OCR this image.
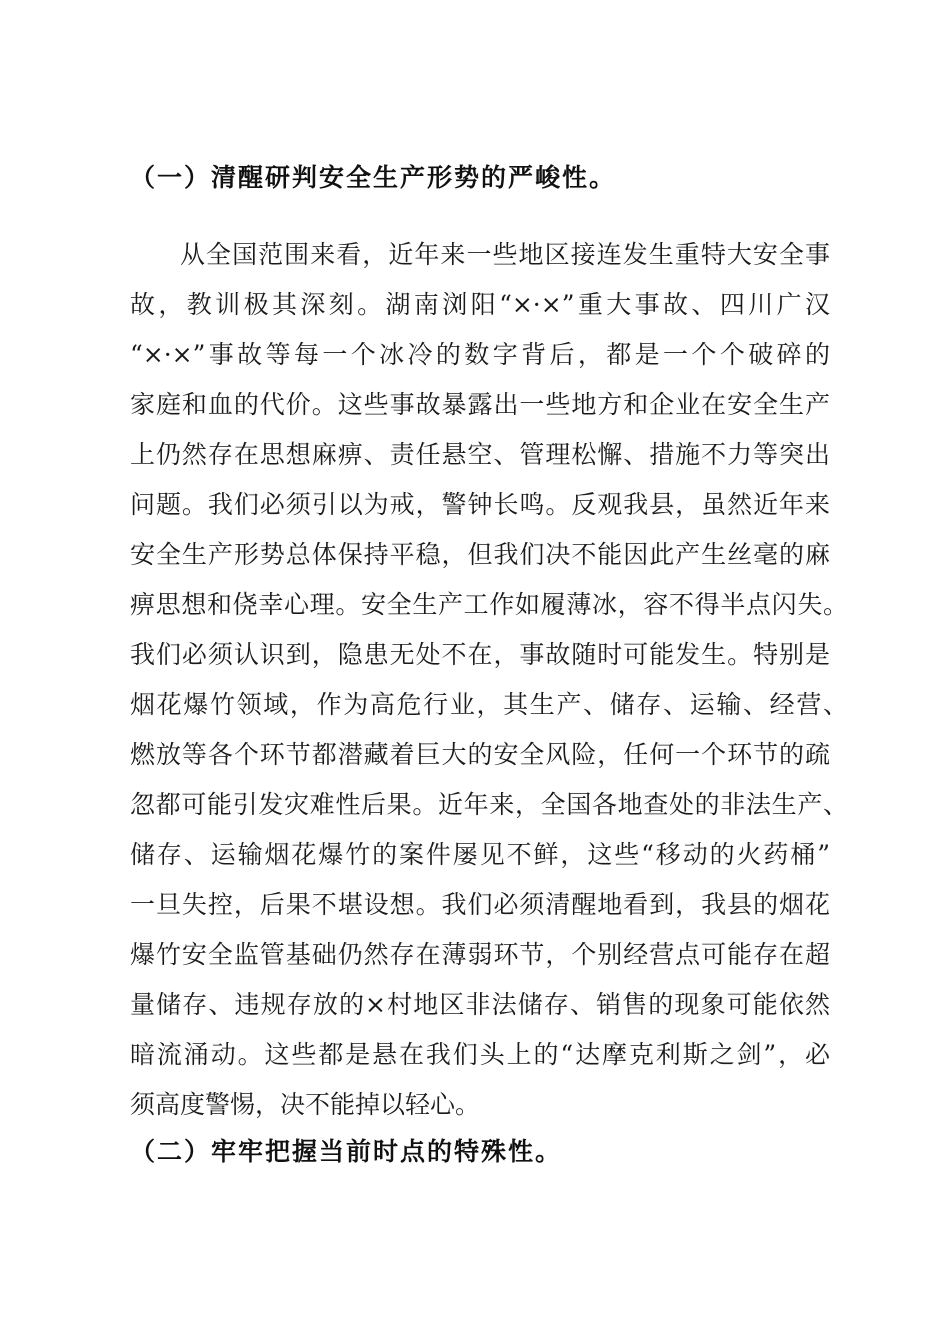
（一）清醒研判安全生产形势的严峻性。
从全国范围来看，近年来一些地区接连发生重特大安全事
故，教训极其深刻。湖南浏阳“×·×”重大事故、四川广汉
“×·×”事故等每一个冰冷的数字背后，都是一个个破碎的
家庭和血的代价。这些事故暴露出一些地方和企业在安全生产
上仍然存在思想麻痹、责任悬空、管理松懈、措施不力等突出
问题。我们必须引以为戒，警钟长鸣。反观我县，虽然近年来
安全生产形势总体保持平稳，但我们决不能因此产生丝毫的麻
痹思想和侥幸心理。安全生产工作如履薄冰，容不得半点闪失。
我们必须认识到，隐患无处不在，事故随时可能发生。特别是
烟花爆竹领域，作为高危行业，其生产、储存、运输、经营、
燃放等各个环节都潜藏着巨大的安全风险，任何一个环节的疏
忽都可能引发灾难性后果。近年来，全国各地查处的非法生产、
储存、运输烟花爆竹的案件屡见不鲜，这些“移动的火药桶”
一旦失控，后果不堪设想。我们必须清醒地看到，我县的烟花
爆竹安全监管基础仍然存在薄弱环节，个别经营点可能存在超
量储存、违规存放的×村地区非法储存、销售的现象可能依然
暗流涌动。这些都是悬在我们头上的“达摩克利斯之剑”，必
须高度警惕，决不能掉以轻心。
（二）牢牢把握当前时点的特殊性。
